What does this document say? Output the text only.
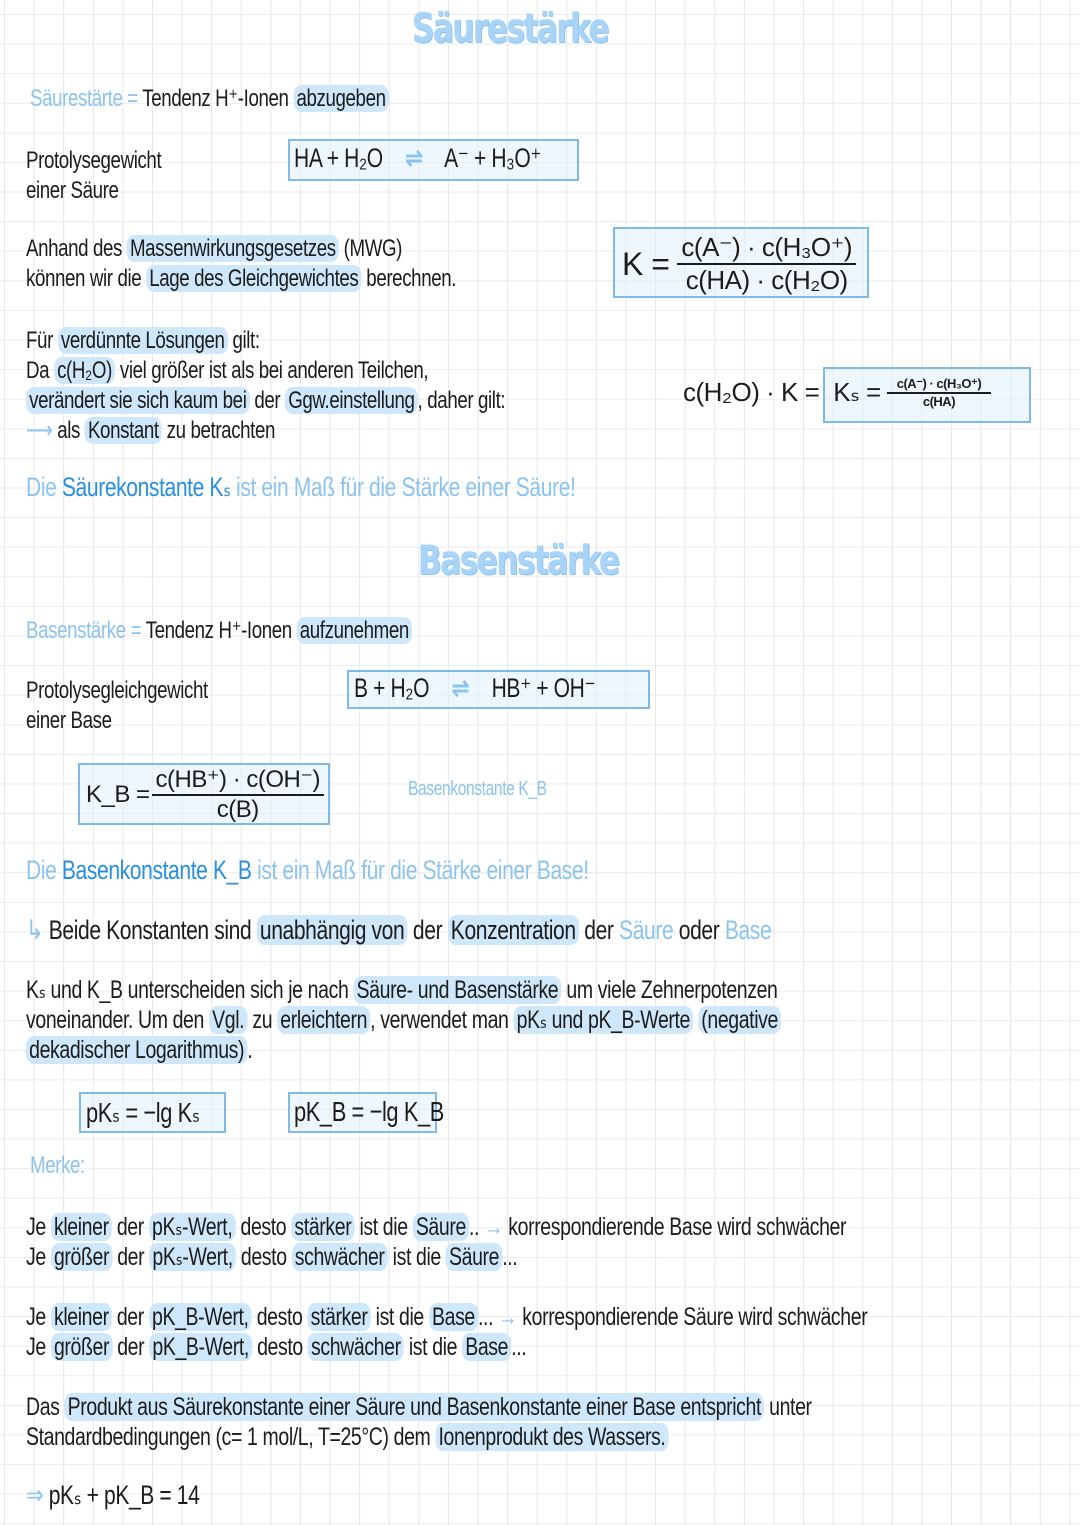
Säurestärke
Säurestärte = Tendenz H⁺-Ionen abzugeben
Protolysegewicht
einer Säure
HA + H₂O ⇌ A⁻ + H₃O⁺
Anhand des Massenwirkungsgesetzes (MWG)
können wir die Lage des Gleichgewichtes berechnen.	$K = \frac{\text{c(A⁻) · c(H₃O⁺)}}{\text{c(HA) · c(H₂O)}}$
Für verdünnte Lösungen gilt:
Da c(H₂O) viel größer ist als bei anderen Teilchen,
verändert sie sich kaum bei der Ggw.einstellung , daher gilt:
⟶ als Konstant zu betrachten
$c(H_2O) \cdot K = K_s = \frac{\text{c(A⁻) · c(H₃O⁺)}}{c(HA)}$
Die Säurekonstante Kₛ ist ein Maß für die Stärke einer Säure!
Basenstärke
Basenstärke = Tendenz H⁺-Ionen aufzunehmen
Protolysegleichgewicht
einer Base
B + H₂O ⇌ HB⁺ + OH⁻
K_B = $\frac{c(HB^+) \cdot c(OH^-)}{c(B)}$	Basenkonstante K_B
Die Basenkonstante K_B ist ein Maß für die Stärke einer Base!
↳ Beide Konstanten sind unabhängig von der Konzentration der Säure oder Base
Kₛ und K_B unterscheiden sich je nach Säure- und Basenstärke um viele Zehnerpotenzen
voneinander. Um den Vgl. zu erleichtern , verwendet man pKₛ und pK_B-Werte (negative
dekadischer Logarithmus) .
pKₛ = −lg Kₛ	pK_B = −lg K_B
Merke:
Je kleiner der pKₛ-Wert, desto stärker ist die Säure .. → korrespondierende Base wird schwächer
Je größer der pKₛ-Wert, desto schwächer ist die Säure ...
Je kleiner der pK_B-Wert, desto stärker ist die Base ... → korrespondierende Säure wird schwächer
Je größer der pK_B-Wert, desto schwächer ist die Base ...
Das Produkt aus Säurekonstante einer Säure und Basenkonstante einer Base entspricht unter
Standardbedingungen (c= 1 mol/L, T=25°C) dem Ionenprodukt des Wassers.
⇒ pKₛ + pK_B = 14
